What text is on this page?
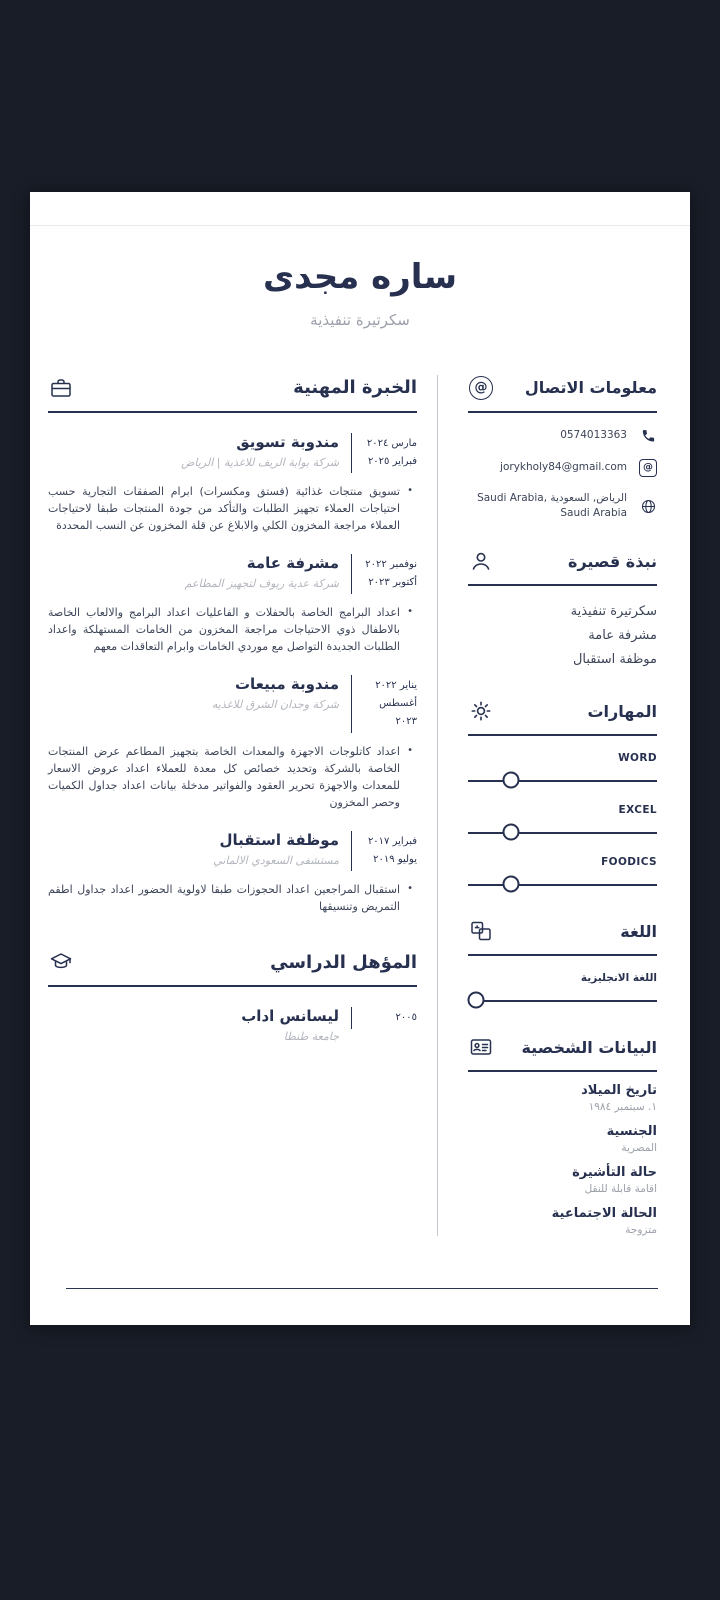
ساره مجدى
سكرتيرة تنفيذية
معلومات الاتصال
@
0574013363
@
jorykholy84@gmail.com
الرياض, السعودية Saudi Arabia, Saudi Arabia
نبذة قصيرة
سكرتيرة تنفيذية
مشرفة عامة
موظفة استقبال
المهارات
WORD
EXCEL
FOODICS
اللغة
اللغة الانجليزية
البيانات الشخصية
تاريخ الميلاد
١. سبتمبر ١٩٨٤
الجنسية
المصرية
حالة التأشيرة
اقامة قابلة للنقل
الحالة الاجتماعية
متزوجة
الخبرة المهنية
مارس ٢٠٢٤
فبراير ٢٠٢٥
مندوبة تسويق
شركة بوابة الريف للاغذية | الرياض
• تسويق منتجات غذائية (فستق ومكسرات) ابرام الصفقات التجارية حسب احتياجات العملاء تجهيز الطلبات والتأكد من جودة المنتجات طبقا لاحتياجات العملاء مراجعة المخزون الكلي والابلاغ عن قلة المخزون عن النسب المحددة
نوفمبر ٢٠٢٢
أكتوبر ٢٠٢٣
مشرفة عامة
شركة عدية ريوف لتجهيز المطاعم
• اعداد البرامج الخاصة بالحفلات و الفاعليات اعداد البرامج والالعاب الخاصة بالاطفال ذوي الاحتياجات مراجعة المخزون من الخامات المستهلكة واعداد الطلبات الجديدة التواصل مع موردي الخامات وابرام التعاقدات معهم
يناير ٢٠٢٢
أغسطس ٢٠٢٣
مندوبة مبيعات
شركة وجدان الشرق للاغذيه
• اعداد كاتلوجات الاجهزة والمعدات الخاصة بتجهيز المطاعم عرض المنتجات الخاصة بالشركة وتحديد خصائص كل معدة للعملاء اعداد عروض الاسعار للمعدات والاجهزة تحرير العقود والفواتير مدخلة بيانات اعداد جداول الكميات وحصر المخزون
فبراير ٢٠١٧
يوليو ٢٠١٩
موظفة استقبال
مستشفى السعودي الالماني
• استقبال المراجعين اعداد الحجوزات طبقا لاولوية الحضور اعداد جداول اطقم التمريض وتنسيقها
المؤهل الدراسي
٢٠٠٥
ليسانس اداب
جامعة طنطا
